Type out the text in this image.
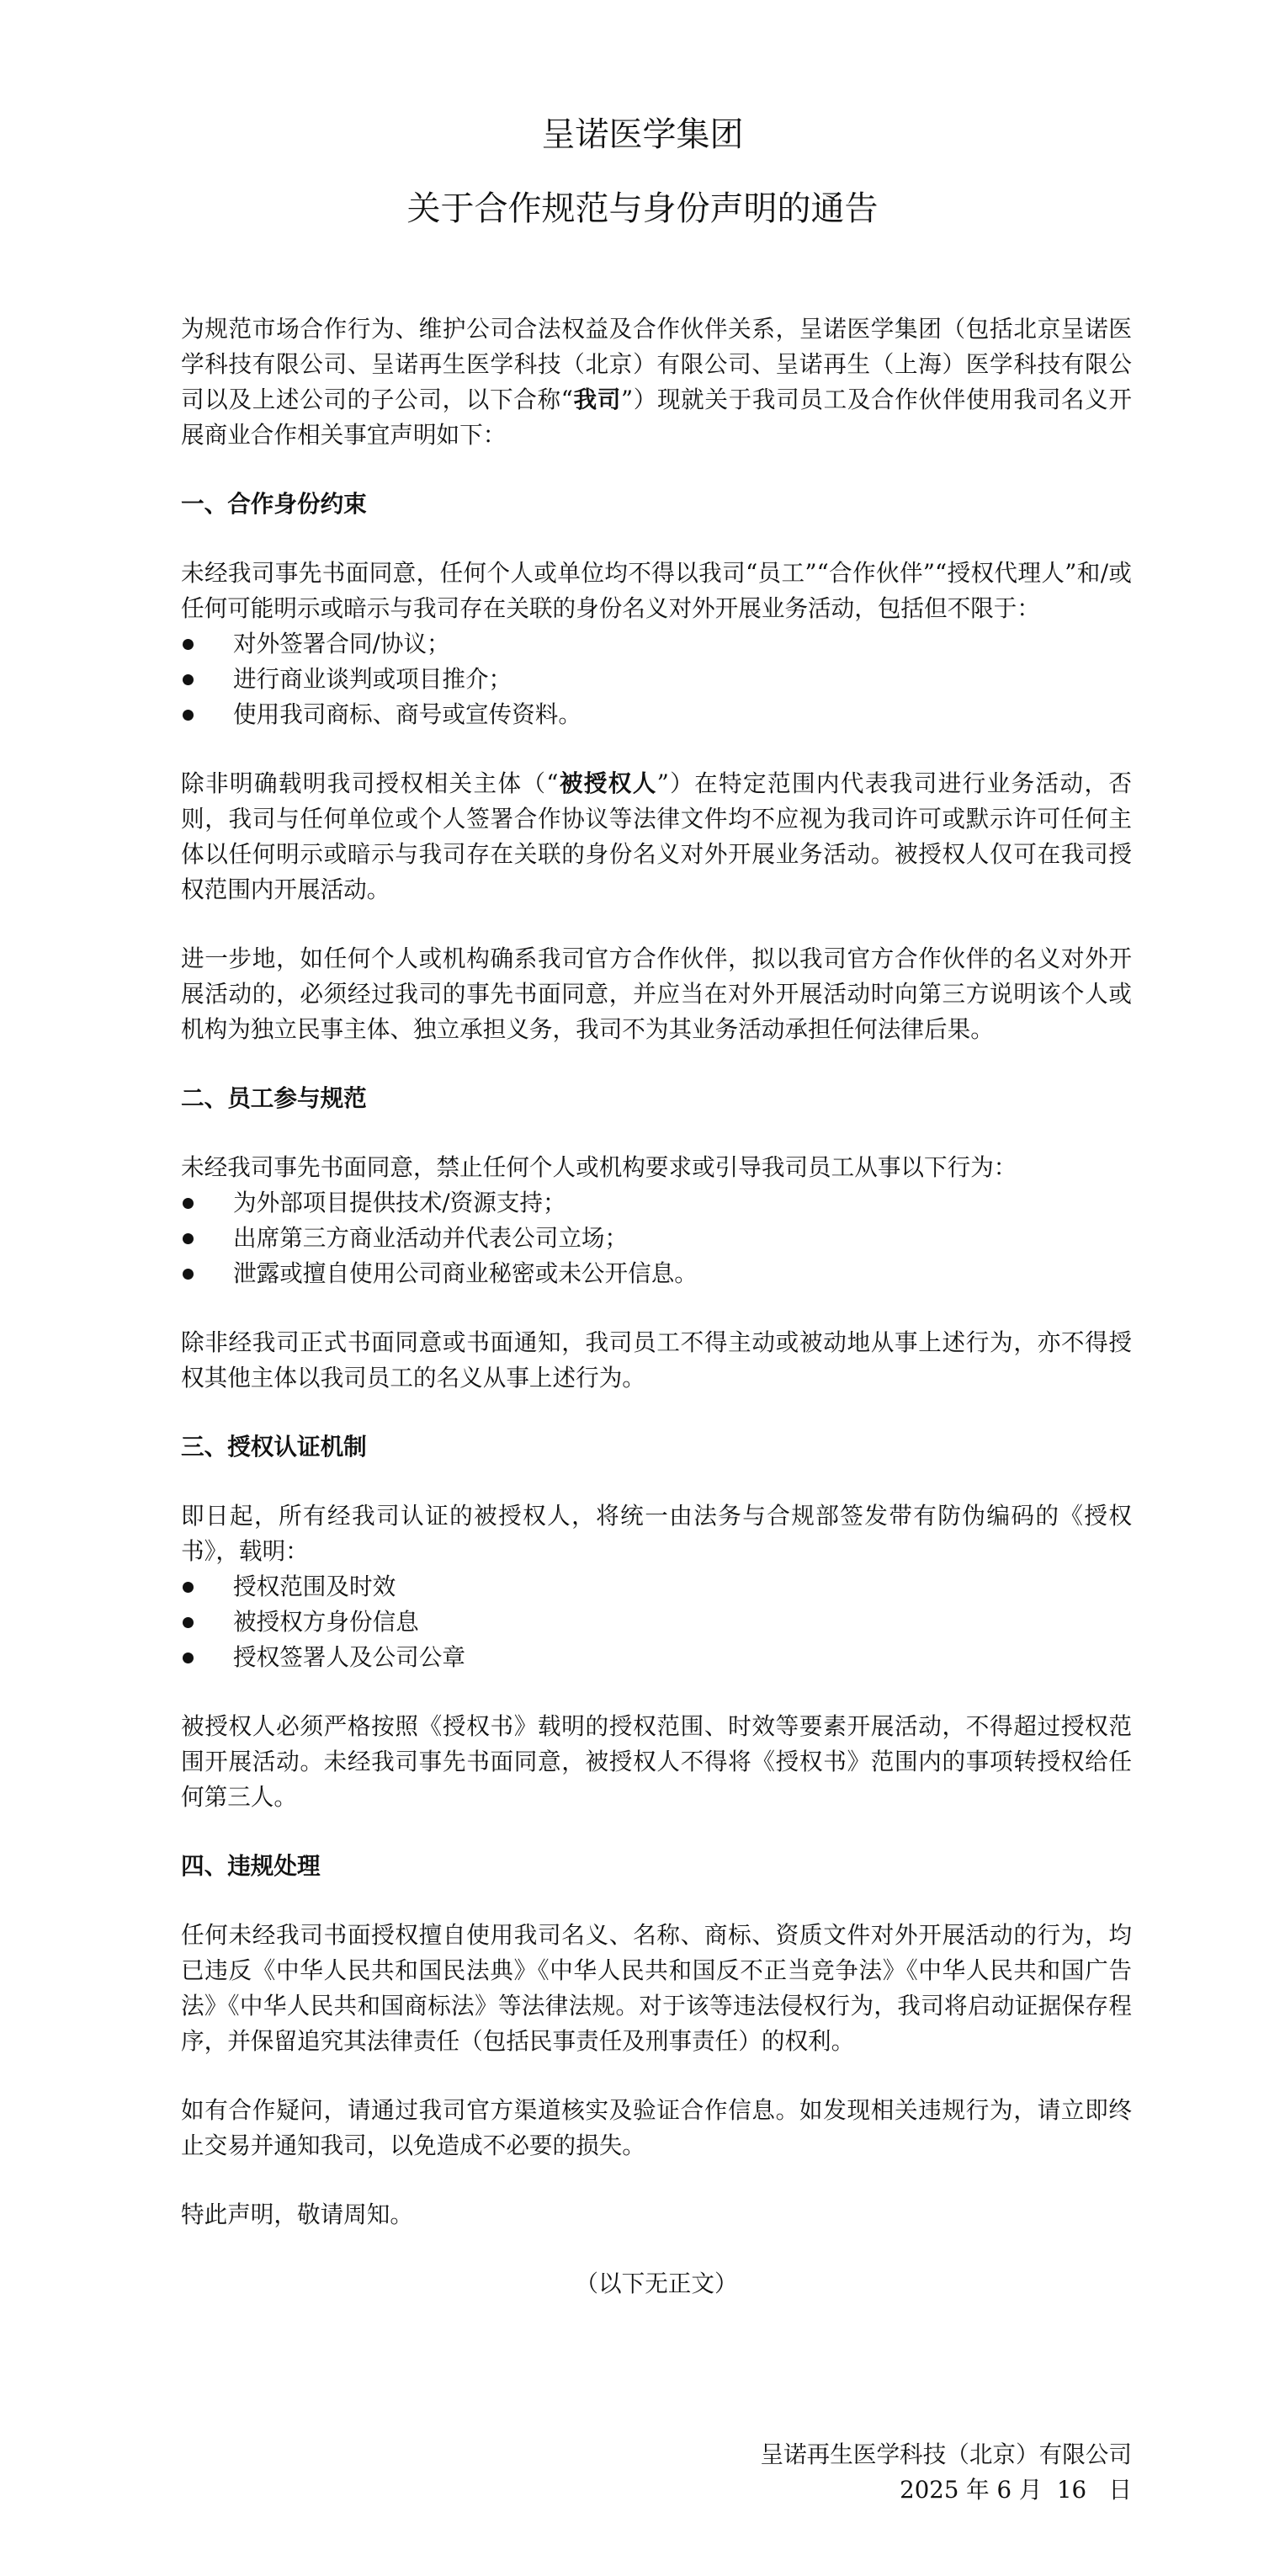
呈诺医学集团
关于合作规范与身份声明的通告

为规范市场合作行为、维护公司合法权益及合作伙伴关系，呈诺医学集团（包括北京呈诺医学科技有限公司、呈诺再生医学科技（北京）有限公司、呈诺再生（上海）医学科技有限公司以及上述公司的子公司，以下合称“我司”）现就关于我司员工及合作伙伴使用我司名义开展商业合作相关事宜声明如下：

一、合作身份约束

未经我司事先书面同意，任何个人或单位均不得以我司“员工”“合作伙伴”“授权代理人”和/或任何可能明示或暗示与我司存在关联的身份名义对外开展业务活动，包括但不限于：

对外签署合同/协议；
进行商业谈判或项目推介；
使用我司商标、商号或宣传资料。

除非明确载明我司授权相关主体（“被授权人”）在特定范围内代表我司进行业务活动，否则，我司与任何单位或个人签署合作协议等法律文件均不应视为我司许可或默示许可任何主体以任何明示或暗示与我司存在关联的身份名义对外开展业务活动。被授权人仅可在我司授权范围内开展活动。

进一步地，如任何个人或机构确系我司官方合作伙伴，拟以我司官方合作伙伴的名义对外开展活动的，必须经过我司的事先书面同意，并应当在对外开展活动时向第三方说明该个人或机构为独立民事主体、独立承担义务，我司不为其业务活动承担任何法律后果。

二、员工参与规范

未经我司事先书面同意，禁止任何个人或机构要求或引导我司员工从事以下行为：

为外部项目提供技术/资源支持；
出席第三方商业活动并代表公司立场；
泄露或擅自使用公司商业秘密或未公开信息。

除非经我司正式书面同意或书面通知，我司员工不得主动或被动地从事上述行为，亦不得授权其他主体以我司员工的名义从事上述行为。

三、授权认证机制

即日起，所有经我司认证的被授权人，将统一由法务与合规部签发带有防伪编码的《授权书》，载明：

授权范围及时效
被授权方身份信息
授权签署人及公司公章

被授权人必须严格按照《授权书》载明的授权范围、时效等要素开展活动，不得超过授权范围开展活动。未经我司事先书面同意，被授权人不得将《授权书》范围内的事项转授权给任何第三人。

四、违规处理

任何未经我司书面授权擅自使用我司名义、名称、商标、资质文件对外开展活动的行为，均已违反《中华人民共和国民法典》《中华人民共和国反不正当竞争法》《中华人民共和国广告法》《中华人民共和国商标法》等法律法规。对于该等违法侵权行为，我司将启动证据保存程序，并保留追究其法律责任（包括民事责任及刑事责任）的权利。

如有合作疑问，请通过我司官方渠道核实及验证合作信息。如发现相关违规行为，请立即终止交易并通知我司，以免造成不必要的损失。

特此声明，敬请周知。

（以下无正文）

呈诺再生医学科技（北京）有限公司

2025 年 6 月  16   日
